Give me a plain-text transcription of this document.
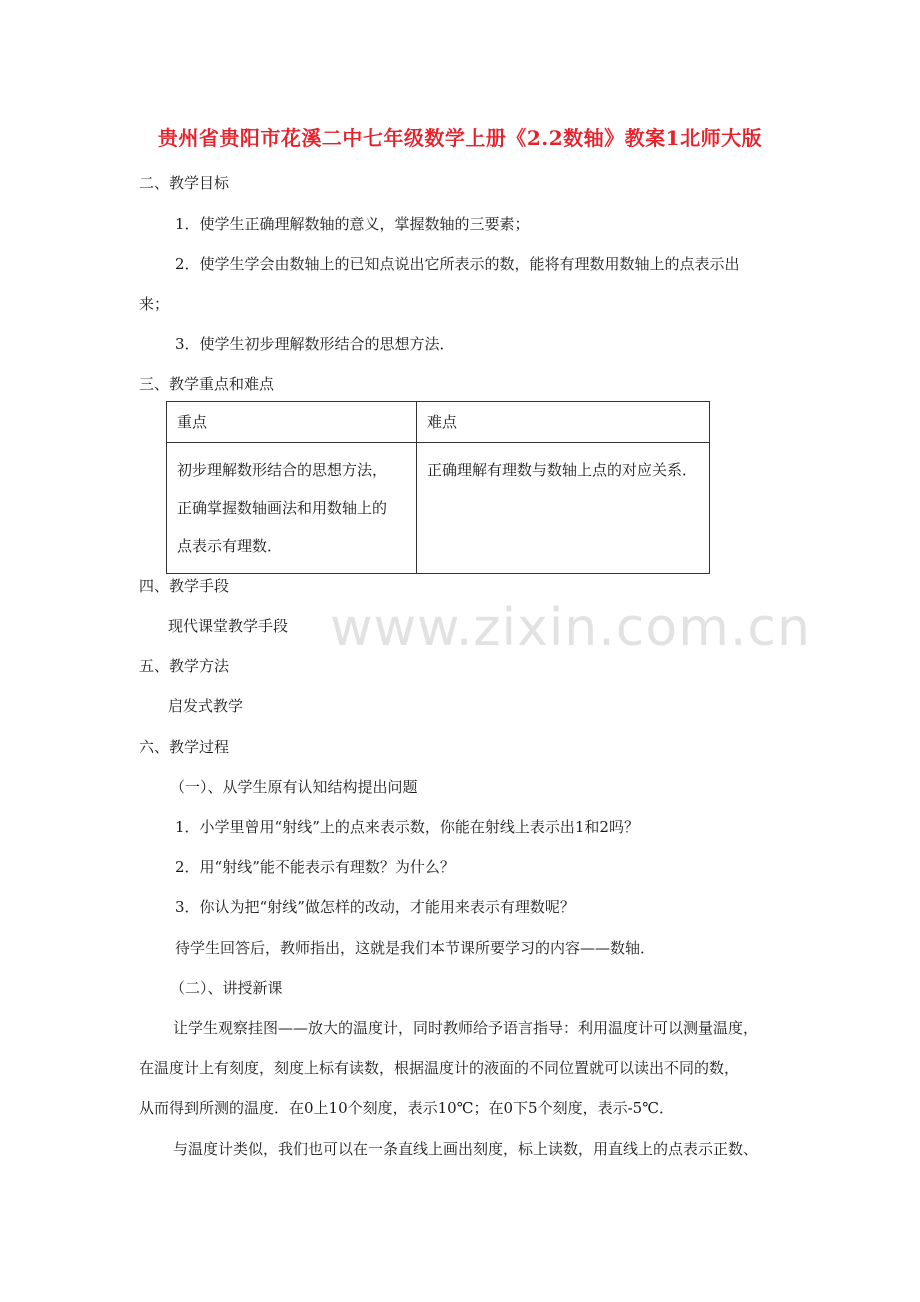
贵州省贵阳市花溪二中七年级数学上册《2.2数轴》教案1北师大版
二、教学目标
1．使学生正确理解数轴的意义，掌握数轴的三要素；
2．使学生学会由数轴上的已知点说出它所表示的数，能将有理数用数轴上的点表示出
来；
3．使学生初步理解数形结合的思想方法．
三、教学重点和难点
重点	难点

初步理解数形结合的思想方法，
正确掌握数轴画法和用数轴上的
点表示有理数．	正确理解有理数与数轴上点的对应关系．
四、教学手段
现代课堂教学手段 www.zixin.com.cn
五、教学方法
启发式教学
六、教学过程
（一）、从学生原有认知结构提出问题
1．小学里曾用“射线”上的点来表示数，你能在射线上表示出1和2吗？
2．用“射线”能不能表示有理数？为什么？
3．你认为把“射线”做怎样的改动，才能用来表示有理数呢？
待学生回答后，教师指出，这就是我们本节课所要学习的内容——数轴．
（二）、讲授新课
让学生观察挂图——放大的温度计，同时教师给予语言指导：利用温度计可以测量温度，
在温度计上有刻度，刻度上标有读数，根据温度计的液面的不同位置就可以读出不同的数，
从而得到所测的温度．在0上10个刻度，表示10℃；在0下5个刻度，表示-5℃．
与温度计类似，我们也可以在一条直线上画出刻度，标上读数，用直线上的点表示正数、
